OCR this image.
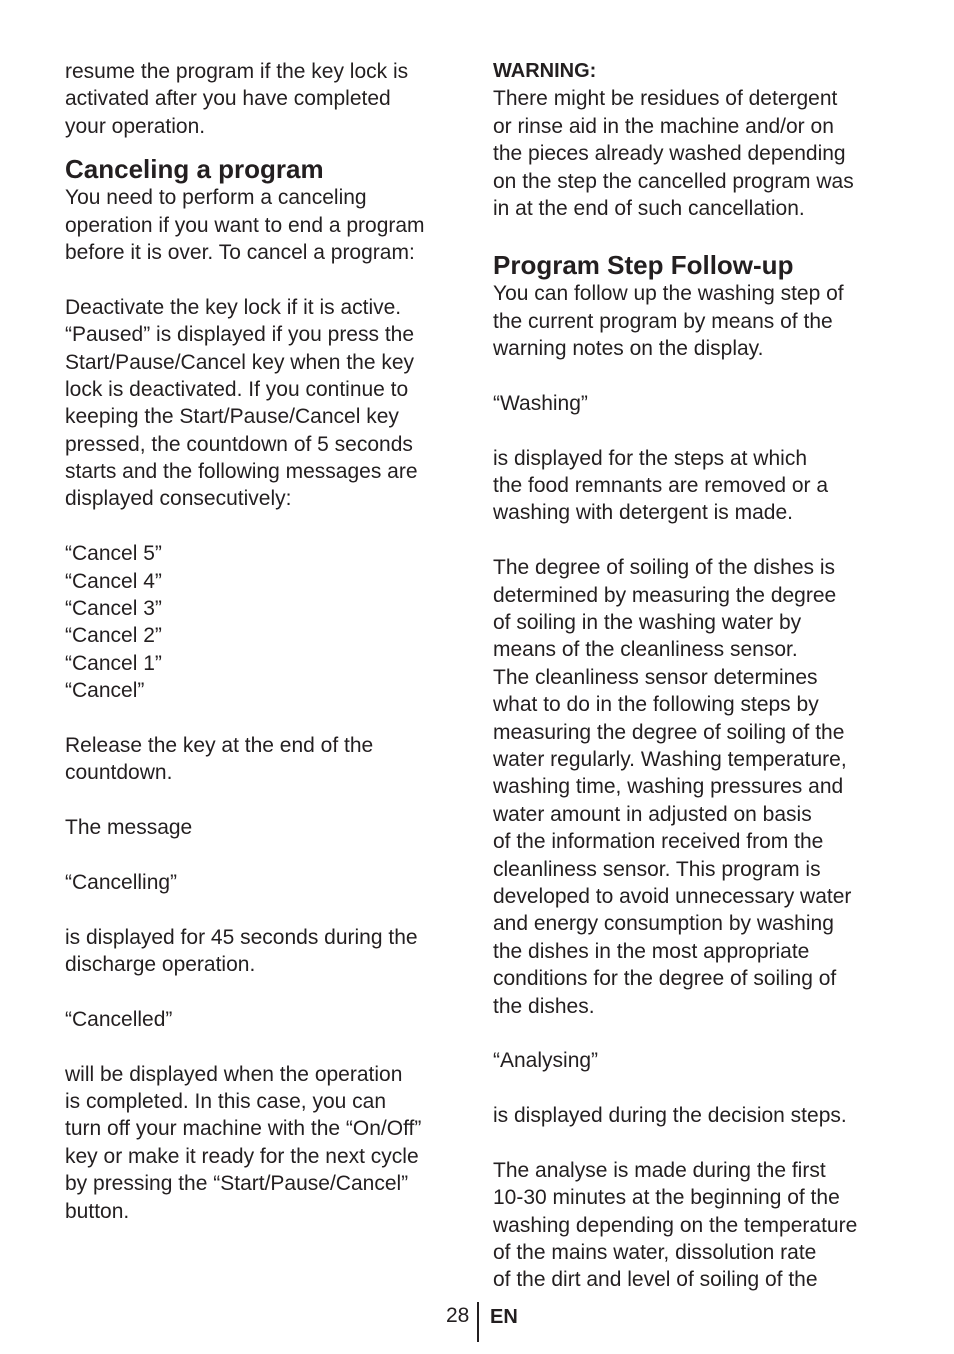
resume the program if the key lock is
activated after you have completed
your operation.
Canceling a program
You need to perform a canceling
operation if you want to end a program
before it is over. To cancel a program:
Deactivate the key lock if it is active.
“Paused” is displayed if you press the
Start/Pause/Cancel key when the key
lock is deactivated. If you continue to
keeping the Start/Pause/Cancel key
pressed, the countdown of 5 seconds
starts and the following messages are
displayed consecutively:
“Cancel 5”
“Cancel 4”
“Cancel 3”
“Cancel 2”
“Cancel 1”
“Cancel”
Release the key at the end of the
countdown.
The message
“Cancelling”
is displayed for 45 seconds during the
discharge operation.
“Cancelled”
will be displayed when the operation
is completed. In this case, you can
turn off your machine with the “On/Off”
key or make it ready for the next cycle
by pressing the “Start/Pause/Cancel”
button.
WARNING:
There might be residues of detergent
or rinse aid in the machine and/or on
the pieces already washed depending
on the step the cancelled program was
in at the end of such cancellation.
Program Step Follow-up
You can follow up the washing step of
the current program by means of the
warning notes on the display.
“Washing”
is displayed for the steps at which
the food remnants are removed or a
washing with detergent is made.
The degree of soiling of the dishes is
determined by measuring the degree
of soiling in the washing water by
means of the cleanliness sensor.
The cleanliness sensor determines
what to do in the following steps by
measuring the degree of soiling of the
water regularly. Washing temperature,
washing time, washing pressures and
water amount in adjusted on basis
of the information received from the
cleanliness sensor. This program is
developed to avoid unnecessary water
and energy consumption by washing
the dishes in the most appropriate
conditions for the degree of soiling of
the dishes.
“Analysing”
is displayed during the decision steps.
The analyse is made during the first
10-30 minutes at the beginning of the
washing depending on the temperature
of the mains water, dissolution rate
of the dirt and level of soiling of the
28 EN
